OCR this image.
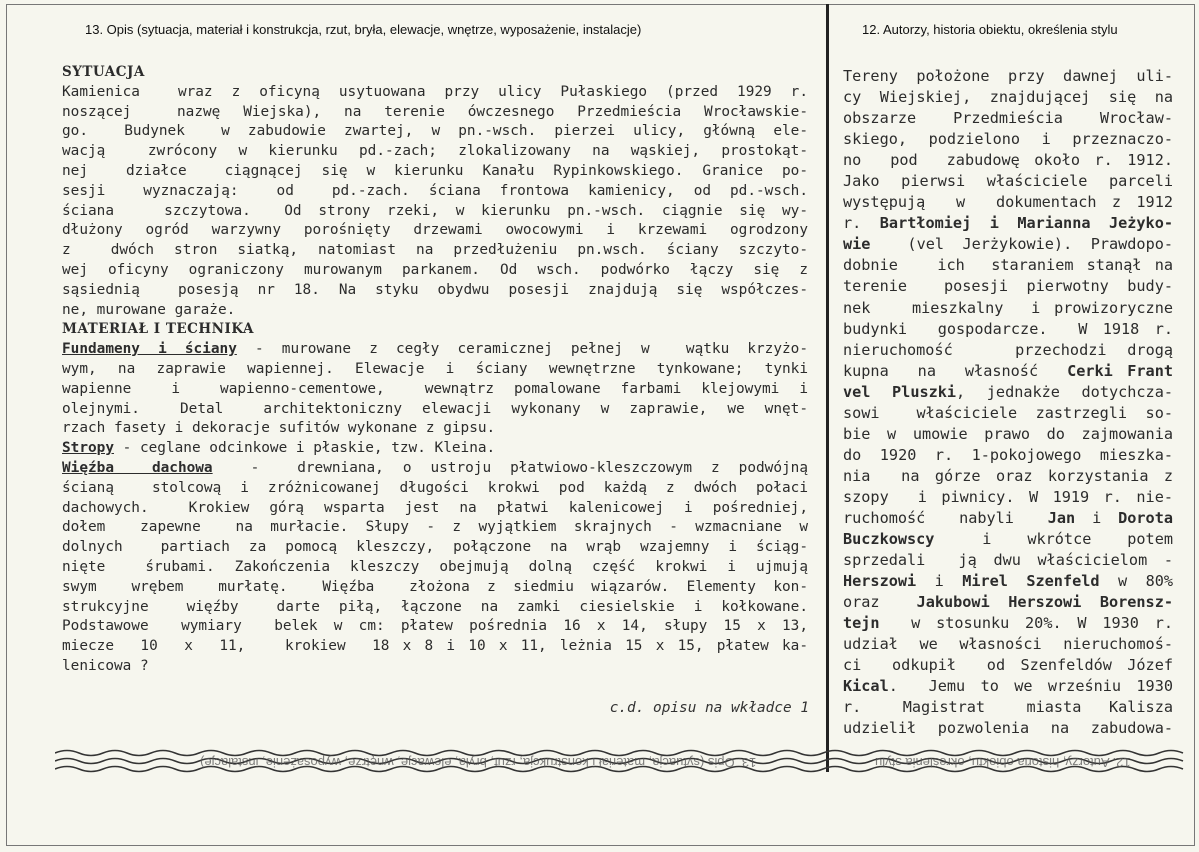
13. Opis (sytuacja, materiał i konstrukcja, rzut, bryła, elewacje, wnętrze, wyposażenie, instalacje)	12. Autorzy, historia obiektu, określenia stylu
SYTUACJA
Kamienica  wraz z oficyną usytuowana przy ulicy Pułaskiego (przed 1929 r.
noszącej  nazwę Wiejska), na terenie ówczesnego Przedmieścia Wrocławskie-
go.  Budynek  w zabudowie zwartej, w pn.-wsch. pierzei ulicy, główną ele-
wacją  zwrócony w kierunku pd.-zach; zlokalizowany na wąskiej, prostokąt-
nej  działce  ciągnącej się w kierunku Kanału Rypinkowskiego. Granice po-
sesji  wyznaczają:  od  pd.-zach. ściana frontowa kamienicy, od pd.-wsch.
ściana   szczytowa.  Od strony rzeki, w kierunku pn.-wsch. ciągnie się wy-
dłużony ogród warzywny porośnięty drzewami owocowymi i krzewami ogrodzony
z  dwóch stron siatką, natomiast na przedłużeniu pn.wsch. ściany szczyto-
wej oficyny ograniczony murowanym parkanem. Od wsch. podwórko łączy się z
sąsiednią  posesją nr 18. Na styku obydwu posesji znajdują się współczes-
ne, murowane garaże.
MATERIAŁ I TECHNIKA
Fundameny i ściany - murowane z cegły ceramicznej pełnej w  wątku krzyżo-
wym, na zaprawie wapiennej. Elewacje i ściany wewnętrzne tynkowane; tynki
wapienne  i  wapienno-cementowe,  wewnątrz pomalowane farbami klejowymi i
olejnymi.  Detal  architektoniczny elewacji wykonany w zaprawie, we wnęt-
rzach fasety i dekoracje sufitów wykonane z gipsu.
Stropy - ceglane odcinkowe i płaskie, tzw. Kleina.
Więźba  dachowa  -  drewniana, o ustroju płatwiowo-kleszczowym z podwójną
ścianą  stolcową i zróżnicowanej długości krokwi pod każdą z dwóch połaci
dachowych.  Krokiew górą wsparta jest na płatwi kalenicowej i pośredniej,
dołem  zapewne  na murłacie. Słupy - z wyjątkiem skrajnych - wzmacniane w
dolnych  partiach za pomocą kleszczy, połączone na wrąb wzajemny i ściąg-
nięte  śrubami. Zakończenia kleszczy obejmują dolną część krokwi i ujmują
swym  wrębem  murłatę.  Więźba  złożona z siedmiu wiązarów. Elementy kon-
strukcyjne  więźby  darte piłą, łączone na zamki ciesielskie i kołkowane.
Podstawowe  wymiary  belek w cm: płatew pośrednia 16 x 14, słupy 15 x 13,
miecze  10  x  11,   krokiew  18 x 8 i 10 x 11, leżnia 15 x 15, płatew ka-
lenicowa ?
c.d. opisu na wkładce 1
Tereny położone przy dawnej uli-
cy Wiejskiej, znajdującej się na
obszarze  Przedmieścia  Wrocław-
skiego, podzielono i przeznaczo-
no  pod  zabudowę około r. 1912.
Jako pierwsi właściciele parceli
występują  w  dokumentach z 1912
r. Bartłomiej i Marianna Jeżyko-
wie  (vel Jerżykowie). Prawdopo-
dobnie   ich  staraniem stanął na
terenie  posesji pierwotny budy-
nek   mieszkalny  i prowizoryczne
budynki  gospodarcze.  W 1918 r.
nieruchomość   przechodzi drogą
kupna  na  własność  Cerki Frant
vel Pluszki, jednakże dotychcza-
sowi  właściciele zastrzegli so-
bie w umowie prawo do zajmowania
do 1920 r. 1-pokojowego mieszka-
nia  na górze oraz korzystania z
szopy  i piwnicy. W 1919 r. nie-
ruchomość  nabyli  Jan i Dorota
Buczkowscy    i   wkrótce   potem
sprzedali  ją dwu właścicielom -
Herszowi i Mirel Szenfeld w 80%
oraz  Jakubowi Herszowi Borensz-
tejn  w stosunku 20%. W 1930 r.
udział we własności nieruchomoś-
ci  odkupił  od Szenfeldów Józef
Kical.  Jemu to we wrześniu 1930
r.   Magistrat   miasta  Kalisza
udzielił pozwolenia na zabudowa-
13. Opis (sytuacja, materiał i konstrukcja, rzut, bryła, elewacje, wnętrze, wyposażenie, instalacje)	12. Autorzy, historia obiektu, określenia stylu
